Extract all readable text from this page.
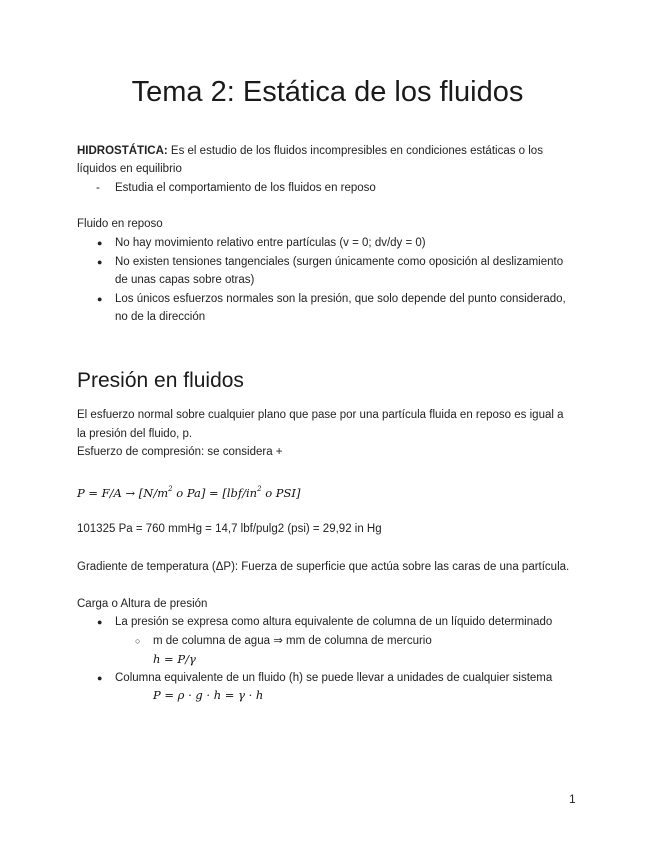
Tema 2: Estática de los fluidos
HIDROSTÁTICA: Es el estudio de los fluidos incompresibles en condiciones estáticas o los
líquidos en equilibrio
- Estudia el comportamiento de los fluidos en reposo
Fluido en reposo
● No hay movimiento relativo entre partículas (v = 0; dv/dy = 0)
● No existen tensiones tangenciales (surgen únicamente como oposición al deslizamiento
de unas capas sobre otras)
● Los únicos esfuerzos normales son la presión, que solo depende del punto considerado,
no de la dirección
Presión en fluidos
El esfuerzo normal sobre cualquier plano que pase por una partícula fluida en reposo es igual a
la presión del fluido, p.
Esfuerzo de compresión: se considera +
$P = F/A \to [N/m^2$ o $Pa] = [lbf/in^2$ o PSI]
101325 Pa = 760 mmHg = 14,7 lbf/pulg2 (psi) = 29,92 in Hg
Gradiente de temperatura (ΔP): Fuerza de superficie que actúa sobre las caras de una partícula.
Carga o Altura de presión
● La presión se expresa como altura equivalente de columna de un líquido determinado
○ m de columna de agua ⇒ mm de columna de mercurio
h = P/γ
● Columna equivalente de un fluido (h) se puede llevar a unidades de cualquier sistema
P = ρ · g · h = γ · h
1
